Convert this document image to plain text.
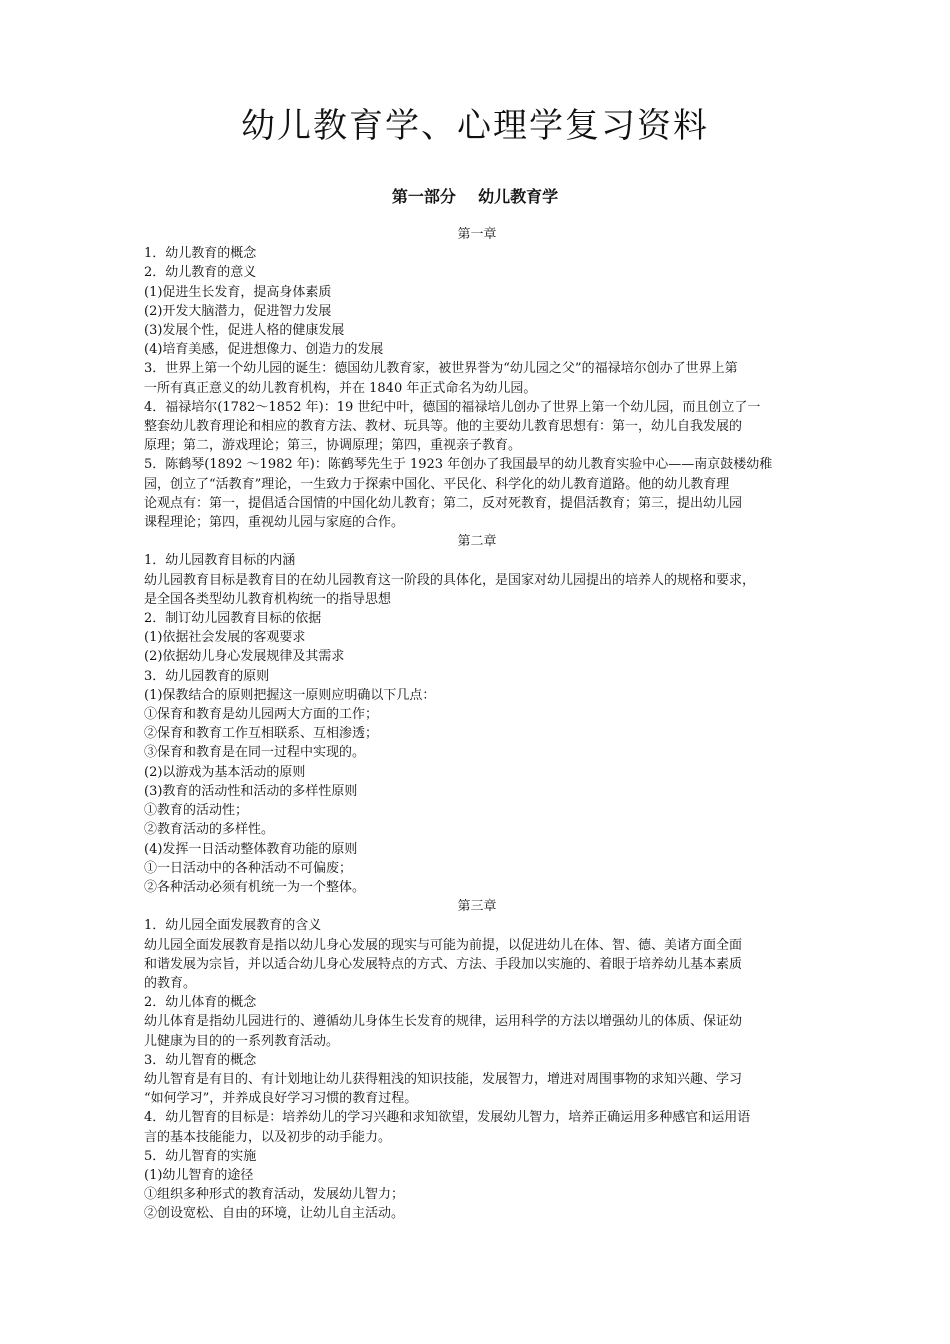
幼儿教育学、心理学复习资料
第一部分    幼儿教育学

第一章

1．幼儿教育的概念

2．幼儿教育的意义

(1)促进生长发育，提高身体素质

(2)开发大脑潜力，促进智力发展

(3)发展个性，促进人格的健康发展

(4)培育美感，促进想像力、创造力的发展

3．世界上第一个幼儿园的诞生：德国幼儿教育家，被世界誉为“幼儿园之父”的福禄培尔创办了世界上第

一所有真正意义的幼儿教育机构，并在 1840 年正式命名为幼儿园。

4．福禄培尔(1782～1852 年)：19 世纪中叶，德国的福禄培儿创办了世界上第一个幼儿园，而且创立了一

整套幼儿教育理论和相应的教育方法、教材、玩具等。他的主要幼儿教育思想有：第一，幼儿自我发展的

原理；第二，游戏理论；第三，协调原理；第四，重视亲子教育。

5．陈鹤琴(1892 ～1982 年)：陈鹤琴先生于 1923 年创办了我国最早的幼儿教育实验中心——南京鼓楼幼稚

园，创立了“活教育”理论，一生致力于探索中国化、平民化、科学化的幼儿教育道路。他的幼儿教育理

论观点有：第一，提倡适合国情的中国化幼儿教育；第二，反对死教育，提倡活教育；第三，提出幼儿园

课程理论；第四，重视幼儿园与家庭的合作。

第二章

1．幼儿园教育目标的内涵

幼儿园教育目标是教育目的在幼儿园教育这一阶段的具体化，是国家对幼儿园提出的培养人的规格和要求，

是全国各类型幼儿教育机构统一的指导思想

2．制订幼儿园教育目标的依据

(1)依据社会发展的客观要求

(2)依据幼儿身心发展规律及其需求

3．幼儿园教育的原则

(1)保教结合的原则把握这一原则应明确以下几点：

①保育和教育是幼儿园两大方面的工作；

②保育和教育工作互相联系、互相渗透；

③保育和教育是在同一过程中实现的。

(2)以游戏为基本活动的原则

(3)教育的活动性和活动的多样性原则

①教育的活动性；

②教育活动的多样性。

(4)发挥一日活动整体教育功能的原则

①一日活动中的各种活动不可偏废；

②各种活动必须有机统一为一个整体。

第三章

1．幼儿园全面发展教育的含义

幼儿园全面发展教育是指以幼儿身心发展的现实与可能为前提，以促进幼儿在体、智、德、美诸方面全面

和谐发展为宗旨，并以适合幼儿身心发展特点的方式、方法、手段加以实施的、着眼于培养幼儿基本素质

的教育。

2．幼儿体育的概念

幼儿体育是指幼儿园进行的、遵循幼儿身体生长发育的规律，运用科学的方法以增强幼儿的体质、保证幼

儿健康为目的的一系列教育活动。

3．幼儿智育的概念

幼儿智育是有目的、有计划地让幼儿获得粗浅的知识技能，发展智力，增进对周围事物的求知兴趣、学习

“如何学习”，并养成良好学习习惯的教育过程。

4．幼儿智育的目标是：培养幼儿的学习兴趣和求知欲望，发展幼儿智力，培养正确运用多种感官和运用语

言的基本技能能力，以及初步的动手能力。

5．幼儿智育的实施

(1)幼儿智育的途径

①组织多种形式的教育活动，发展幼儿智力；

②创设宽松、自由的环境，让幼儿自主活动。
